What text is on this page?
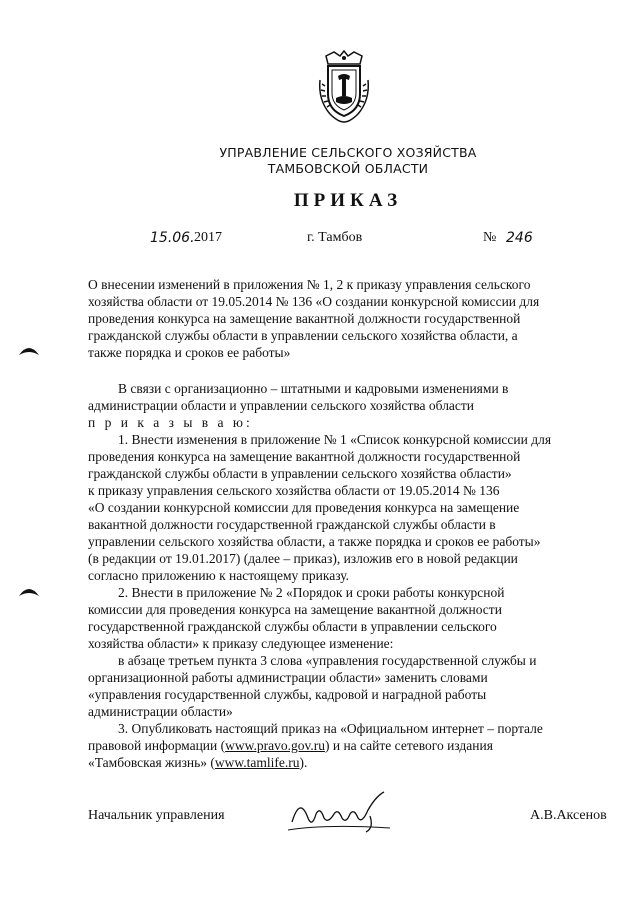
УПРАВЛЕНИЕ СЕЛЬСКОГО ХОЗЯЙСТВА
ТАМБОВСКОЙ ОБЛАСТИ
ПРИКАЗ
15.06. 2017	г. Тамбов	№ 246
О внесении изменений в приложения № 1, 2 к приказу управления сельского
хозяйства области от 19.05.2014 № 136 «О создании конкурсной комиссии для
проведения конкурса на замещение вакантной должности государственной
гражданской службы области в управлении сельского хозяйства области, а
также порядка и сроков ее работы»
В связи с организационно – штатными и кадровыми изменениями в
администрации области и управлении сельского хозяйства области
п р и к а з ы в а ю:
1. Внести изменения в приложение № 1 «Список конкурсной комиссии для
проведения конкурса на замещение вакантной должности государственной
гражданской службы области в управлении сельского хозяйства области»
к приказу управления сельского хозяйства области от 19.05.2014 № 136
«О создании конкурсной комиссии для проведения конкурса на замещение
вакантной должности государственной гражданской службы области в
управлении сельского хозяйства области, а также порядка и сроков ее работы»
(в редакции от 19.01.2017) (далее – приказ), изложив его в новой редакции
согласно приложению к настоящему приказу.
2. Внести в приложение № 2 «Порядок и сроки работы конкурсной
комиссии для проведения конкурса на замещение вакантной должности
государственной гражданской службы области в управлении сельского
хозяйства области» к приказу следующее изменение:
в абзаце третьем пункта 3 слова «управления государственной службы и
организационной работы администрации области» заменить словами
«управления государственной службы, кадровой и наградной работы
администрации области»
3. Опубликовать настоящий приказ на «Официальном интернет – портале
правовой информации (www.pravo.gov.ru) и на сайте сетевого издания
«Тамбовская жизнь» (www.tamlife.ru).
Начальник управления	А.В.Аксенов
